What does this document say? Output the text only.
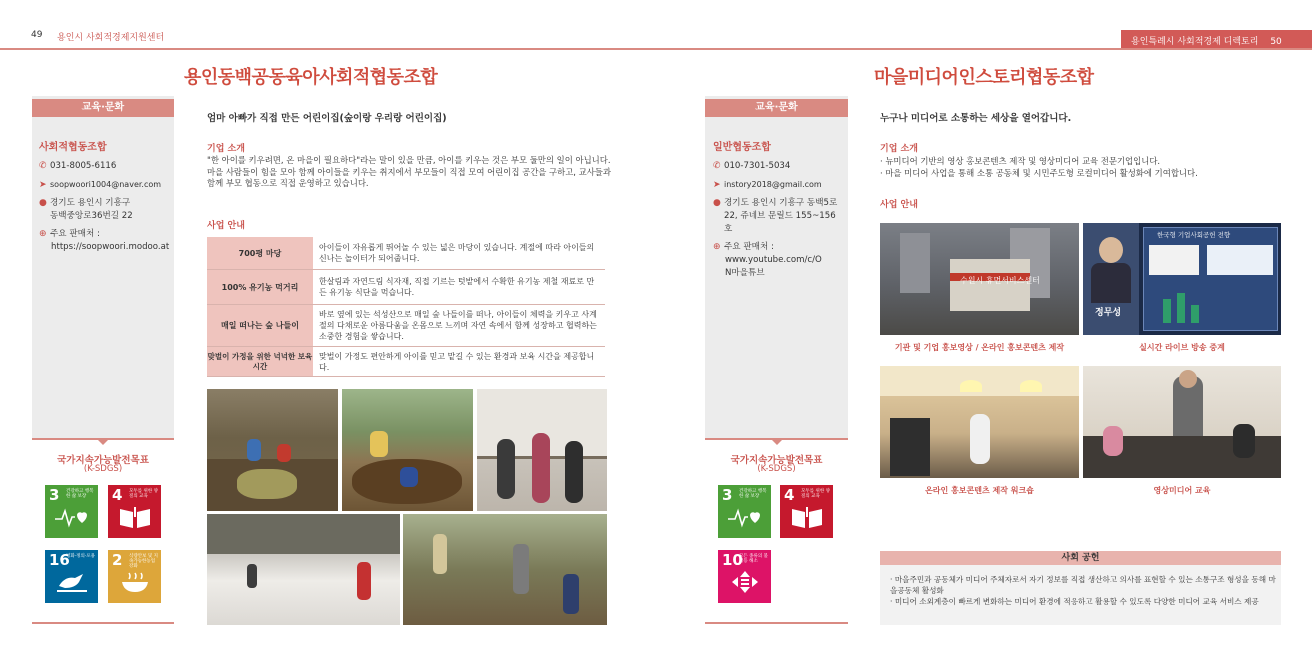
49 용인시 사회적경제지원센터
용인동백공동육아사회적협동조합
교육·문화
사회적협동조합
✆ 031-8005-6116
➤ soopwoori1004@naver.com
● 경기도 용인시 기흥구 동백중앙로36번길 22
⊕ 주요 판매처 :
https://soopwoori.modoo.at
국가지속가능발전목표
(K-SDGS)
3 건강하고 행복한 삶 보장	4 모두를 위한 양질의 교육
16
평화·정의·포용 2 식량안보 및 지속가능한농업강화
엄마 아빠가 직접 만든 어린이집(숲이랑 우리랑 어린이집)
기업 소개
"한 아이를 키우려면, 온 마을이 필요하다"라는 말이 있을 만큼, 아이를 키우는 것은 부모 둘만의 일이 아닙니다. 마을 사람들이 힘을 모아 함께 아이들을 키우는 취지에서 부모들이 직접 모여 어린이집 공간을 구하고, 교사들과 함께 부모 협동으로 직접 운영하고 있습니다.
사업 안내
700평 마당	아이들이 자유롭게 뛰어놀 수 있는 넓은 마당이 있습니다. 계절에 따라 아이들의 신나는 놀이터가 되어줍니다.
100% 유기농 먹거리	한살림과 자연드림 식자재, 직접 기르는 텃밭에서 수확한 유기농 제철 재료로 만든 유기농 식단을 먹습니다.
매일 떠나는 숲 나들이	바로 옆에 있는 석성산으로 매일 숲 나들이를 떠나, 아이들이 체력을 키우고 사계절의 다채로운 아름다움을 온몸으로 느끼며 자연 속에서 함께 성장하고 협력하는 소중한 경험을 쌓습니다.
맞벌이 가정을 위한 넉넉한 보육 시간	맞벌이 가정도 편안하게 아이를 믿고 맡길 수 있는 환경과 보육 시간을 제공합니다.
용인특례시 사회적경제 디렉토리 50
마을미디어인스토리협동조합
교육·문화
일반협동조합
✆ 010-7301-5034
➤ instory2018@gmail.com
● 경기도 용인시 기흥구 동백5로 22, 쥬네브 문릴드 155~156호
⊕ 주요 판매처 :
www.youtube.com/c/ON마을튜브
국가지속가능발전목표
(K-SDGS)
3 건강하고 행복한 삶 보장	4 모두를 위한 양질의 교육
10
모든 종류의 불평등 해소
누구나 미디어로 소통하는 세상을 열어갑니다.
기업 소개
· 뉴미디어 기반의 영상 홍보콘텐츠 제작 및 영상미디어 교육 전문기업입니다.
· 마을 미디어 사업을 통해 소통 공동체 및 시민주도형 로컬미디어 활성화에 기여합니다.
사업 안내
수원시 휴먼서비스센터
정무성
한국형 기업사회공헌 전향
기관 및 기업 홍보영상 / 온라인 홍보콘텐츠 제작	실시간 라이브 방송 중계
온라인 홍보콘텐츠 제작 워크숍	영상미디어 교육
사회 공헌
· 마을주민과 공동체가 미디어 주체자로서 자기 정보를 직접 생산하고 의사를 표현할 수 있는 소통구조 형성을 동해 마을공동체 활성화
· 미디어 소외계층이 빠르게 변화하는 미디어 환경에 적응하고 활용할 수 있도록 다양한 미디어 교육 서비스 제공
